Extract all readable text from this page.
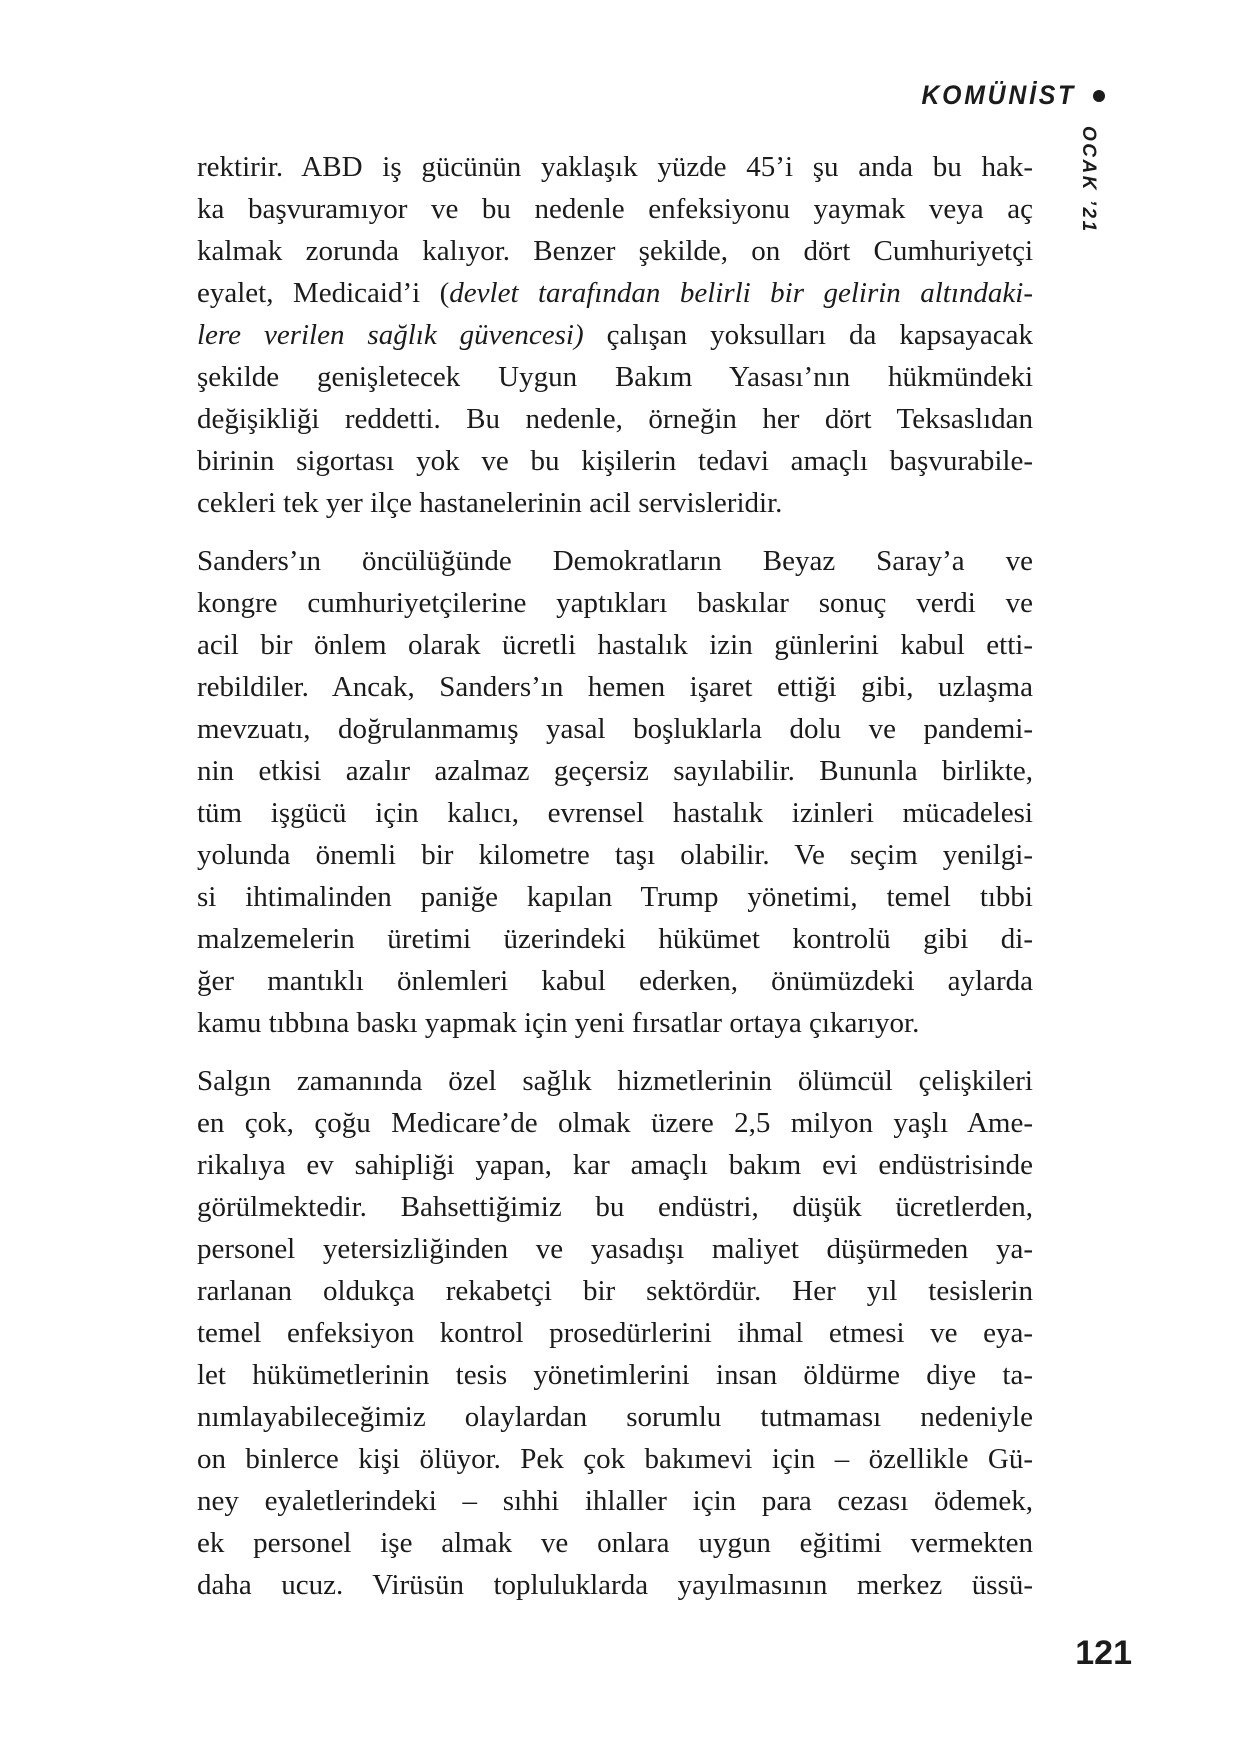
KOMÜNİST
OCAK ’21
rektirir. ABD iş gücünün yaklaşık yüzde 45’i şu anda bu hak-
ka başvuramıyor ve bu nedenle enfeksiyonu yaymak veya aç
kalmak zorunda kalıyor. Benzer şekilde, on dört Cumhuriyetçi
eyalet, Medicaid’i (devlet tarafından belirli bir gelirin altındaki-
lere verilen sağlık güvencesi) çalışan yoksulları da kapsayacak
şekilde genişletecek Uygun Bakım Yasası’nın hükmündeki
değişikliği reddetti. Bu nedenle, örneğin her dört Teksaslıdan
birinin sigortası yok ve bu kişilerin tedavi amaçlı başvurabile-
cekleri tek yer ilçe hastanelerinin acil servisleridir.
Sanders’ın öncülüğünde Demokratların Beyaz Saray’a ve
kongre cumhuriyetçilerine yaptıkları baskılar sonuç verdi ve
acil bir önlem olarak ücretli hastalık izin günlerini kabul etti-
rebildiler. Ancak, Sanders’ın hemen işaret ettiği gibi, uzlaşma
mevzuatı, doğrulanmamış yasal boşluklarla dolu ve pandemi-
nin etkisi azalır azalmaz geçersiz sayılabilir. Bununla birlikte,
tüm işgücü için kalıcı, evrensel hastalık izinleri mücadelesi
yolunda önemli bir kilometre taşı olabilir. Ve seçim yenilgi-
si ihtimalinden paniğe kapılan Trump yönetimi, temel tıbbi
malzemelerin üretimi üzerindeki hükümet kontrolü gibi di-
ğer mantıklı önlemleri kabul ederken, önümüzdeki aylarda
kamu tıbbına baskı yapmak için yeni fırsatlar ortaya çıkarıyor.
Salgın zamanında özel sağlık hizmetlerinin ölümcül çelişkileri
en çok, çoğu Medicare’de olmak üzere 2,5 milyon yaşlı Ame-
rikalıya ev sahipliği yapan, kar amaçlı bakım evi endüstrisinde
görülmektedir. Bahsettiğimiz bu endüstri, düşük ücretlerden,
personel yetersizliğinden ve yasadışı maliyet düşürmeden ya-
rarlanan oldukça rekabetçi bir sektördür. Her yıl tesislerin
temel enfeksiyon kontrol prosedürlerini ihmal etmesi ve eya-
let hükümetlerinin tesis yönetimlerini insan öldürme diye ta-
nımlayabileceğimiz olaylardan sorumlu tutmaması nedeniyle
on binlerce kişi ölüyor. Pek çok bakımevi için – özellikle Gü-
ney eyaletlerindeki – sıhhi ihlaller için para cezası ödemek,
ek personel işe almak ve onlara uygun eğitimi vermekten
daha ucuz. Virüsün topluluklarda yayılmasının merkez üssü-
121
